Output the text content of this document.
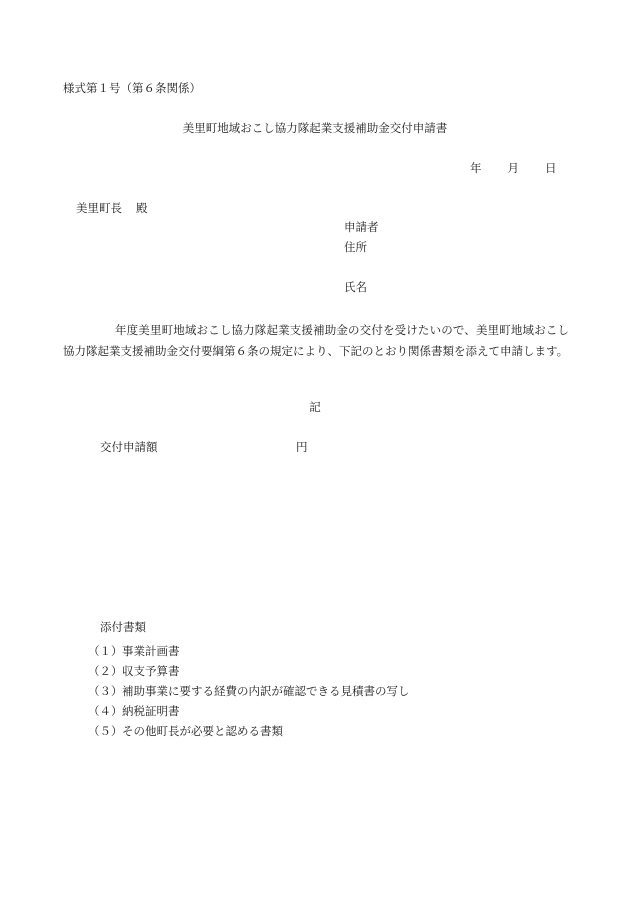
様式第１号（第６条関係）
美里町地域おこし協力隊起業支援補助金交付申請書
年 月 日
美里町長 殿
申請者
住所
氏名

年度美里町地域おこし協力隊起業支援補助金の交付を受けたいので、美里町地域おこし協力隊起業支援補助金交付要綱第６条の規定により、下記のとおり関係書類を添えて申請します。

記
交付申請額	円
添付書類
（１）事業計画書
（２）収支予算書
（３）補助事業に要する経費の内訳が確認できる見積書の写し
（４）納税証明書
（５）その他町長が必要と認める書類
